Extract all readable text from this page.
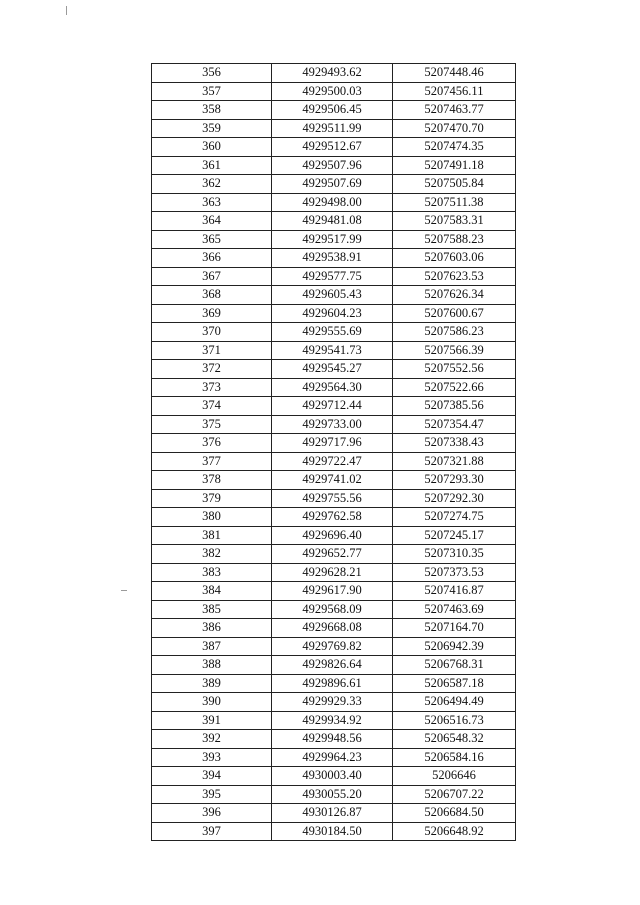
356	4929493.62	5207448.46
357	4929500.03	5207456.11
358	4929506.45	5207463.77
359	4929511.99	5207470.70
360	4929512.67	5207474.35
361	4929507.96	5207491.18
362	4929507.69	5207505.84
363	4929498.00	5207511.38
364	4929481.08	5207583.31
365	4929517.99	5207588.23
366	4929538.91	5207603.06
367	4929577.75	5207623.53
368	4929605.43	5207626.34
369	4929604.23	5207600.67
370	4929555.69	5207586.23
371	4929541.73	5207566.39
372	4929545.27	5207552.56
373	4929564.30	5207522.66
374	4929712.44	5207385.56
375	4929733.00	5207354.47
376	4929717.96	5207338.43
377	4929722.47	5207321.88
378	4929741.02	5207293.30
379	4929755.56	5207292.30
380	4929762.58	5207274.75
381	4929696.40	5207245.17
382	4929652.77	5207310.35
383	4929628.21	5207373.53
384	4929617.90	5207416.87
385	4929568.09	5207463.69
386	4929668.08	5207164.70
387	4929769.82	5206942.39
388	4929826.64	5206768.31
389	4929896.61	5206587.18
390	4929929.33	5206494.49
391	4929934.92	5206516.73
392	4929948.56	5206548.32
393	4929964.23	5206584.16
394	4930003.40	5206646
395	4930055.20	5206707.22
396	4930126.87	5206684.50
397	4930184.50	5206648.92
